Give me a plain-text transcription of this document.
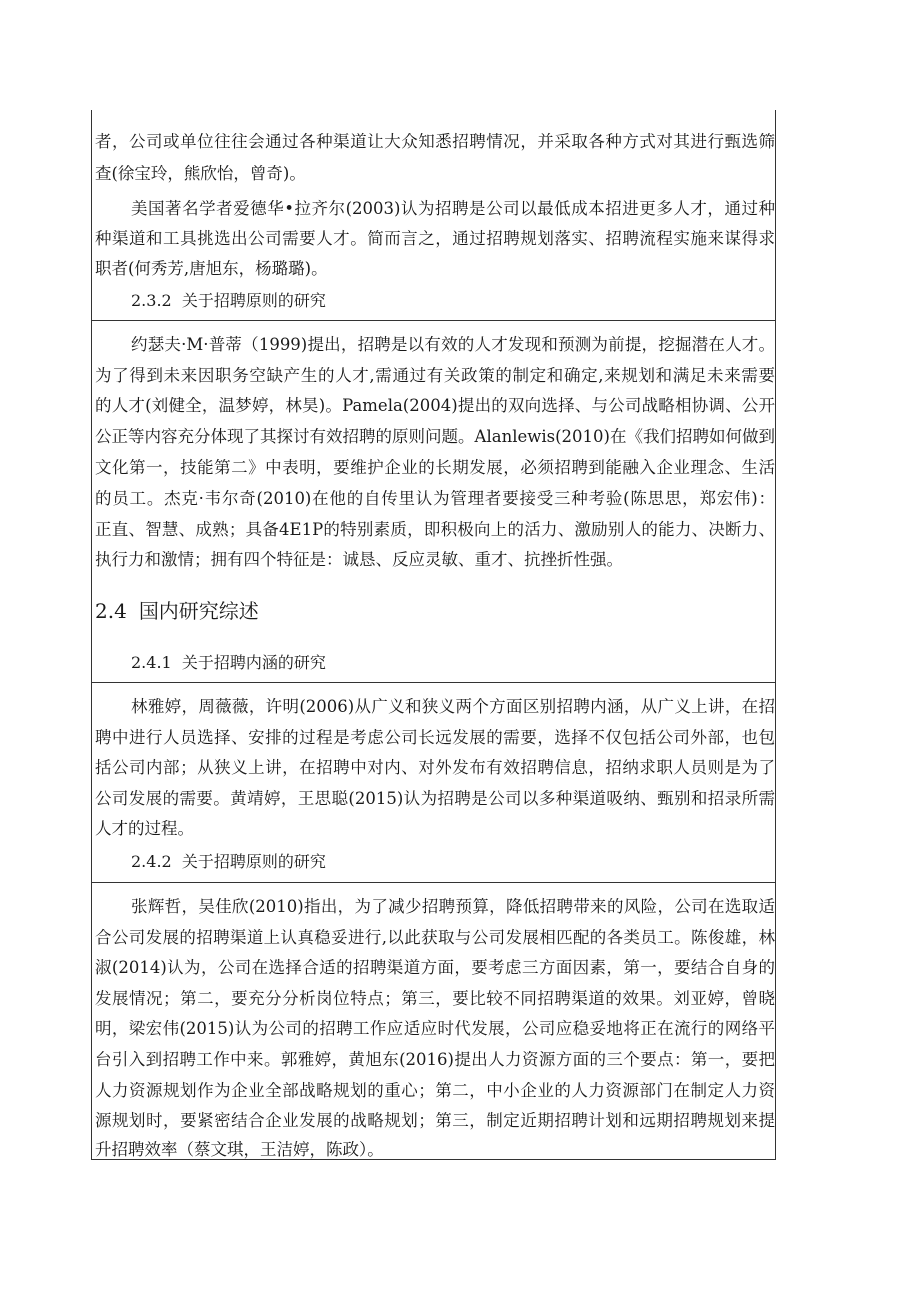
者，公司或单位往往会通过各种渠道让大众知悉招聘情况，并采取各种方式对其进行甄选筛
查(徐宝玲，熊欣怡，曾奇)。
美国著名学者爱德华•拉齐尔(2003)认为招聘是公司以最低成本招进更多人才，通过种
种渠道和工具挑选出公司需要人才。简而言之，通过招聘规划落实、招聘流程实施来谋得求
职者(何秀芳,唐旭东，杨璐璐)。
2.3.2 关于招聘原则的研究
约瑟夫·M·普蒂（1999)提出，招聘是以有效的人才发现和预测为前提，挖掘潜在人才。
为了得到未来因职务空缺产生的人才,需通过有关政策的制定和确定,来规划和满足未来需要
的人才(刘健全，温梦婷，林昊)。Pamela(2004)提出的双向选择、与公司战略相协调、公开
公正等内容充分体现了其探讨有效招聘的原则问题。Alanlewis(2010)在《我们招聘如何做到
文化第一，技能第二》中表明，要维护企业的长期发展，必须招聘到能融入企业理念、生活
的员工。杰克·韦尔奇(2010)在他的自传里认为管理者要接受三种考验(陈思思，郑宏伟)：
正直、智慧、成熟；具备4E1P的特别素质，即积极向上的活力、激励别人的能力、决断力、
执行力和激情；拥有四个特征是：诚恳、反应灵敏、重才、抗挫折性强。
2.4 国内研究综述
2.4.1 关于招聘内涵的研究
林雅婷，周薇薇，许明(2006)从广义和狭义两个方面区别招聘内涵，从广义上讲，在招
聘中进行人员选择、安排的过程是考虑公司长远发展的需要，选择不仅包括公司外部，也包
括公司内部；从狭义上讲，在招聘中对内、对外发布有效招聘信息，招纳求职人员则是为了
公司发展的需要。黄靖婷，王思聪(2015)认为招聘是公司以多种渠道吸纳、甄别和招录所需
人才的过程。
2.4.2 关于招聘原则的研究
张辉哲，吴佳欣(2010)指出，为了减少招聘预算，降低招聘带来的风险，公司在选取适
合公司发展的招聘渠道上认真稳妥进行,以此获取与公司发展相匹配的各类员工。陈俊雄，林
淑(2014)认为，公司在选择合适的招聘渠道方面，要考虑三方面因素，第一，要结合自身的
发展情况；第二，要充分分析岗位特点；第三，要比较不同招聘渠道的效果。刘亚婷，曾晓
明，梁宏伟(2015)认为公司的招聘工作应适应时代发展，公司应稳妥地将正在流行的网络平
台引入到招聘工作中来。郭雅婷，黄旭东(2016)提出人力资源方面的三个要点：第一，要把
人力资源规划作为企业全部战略规划的重心；第二，中小企业的人力资源部门在制定人力资
源规划时，要紧密结合企业发展的战略规划；第三，制定近期招聘计划和远期招聘规划来提
升招聘效率（蔡文琪，王洁婷，陈政）。
